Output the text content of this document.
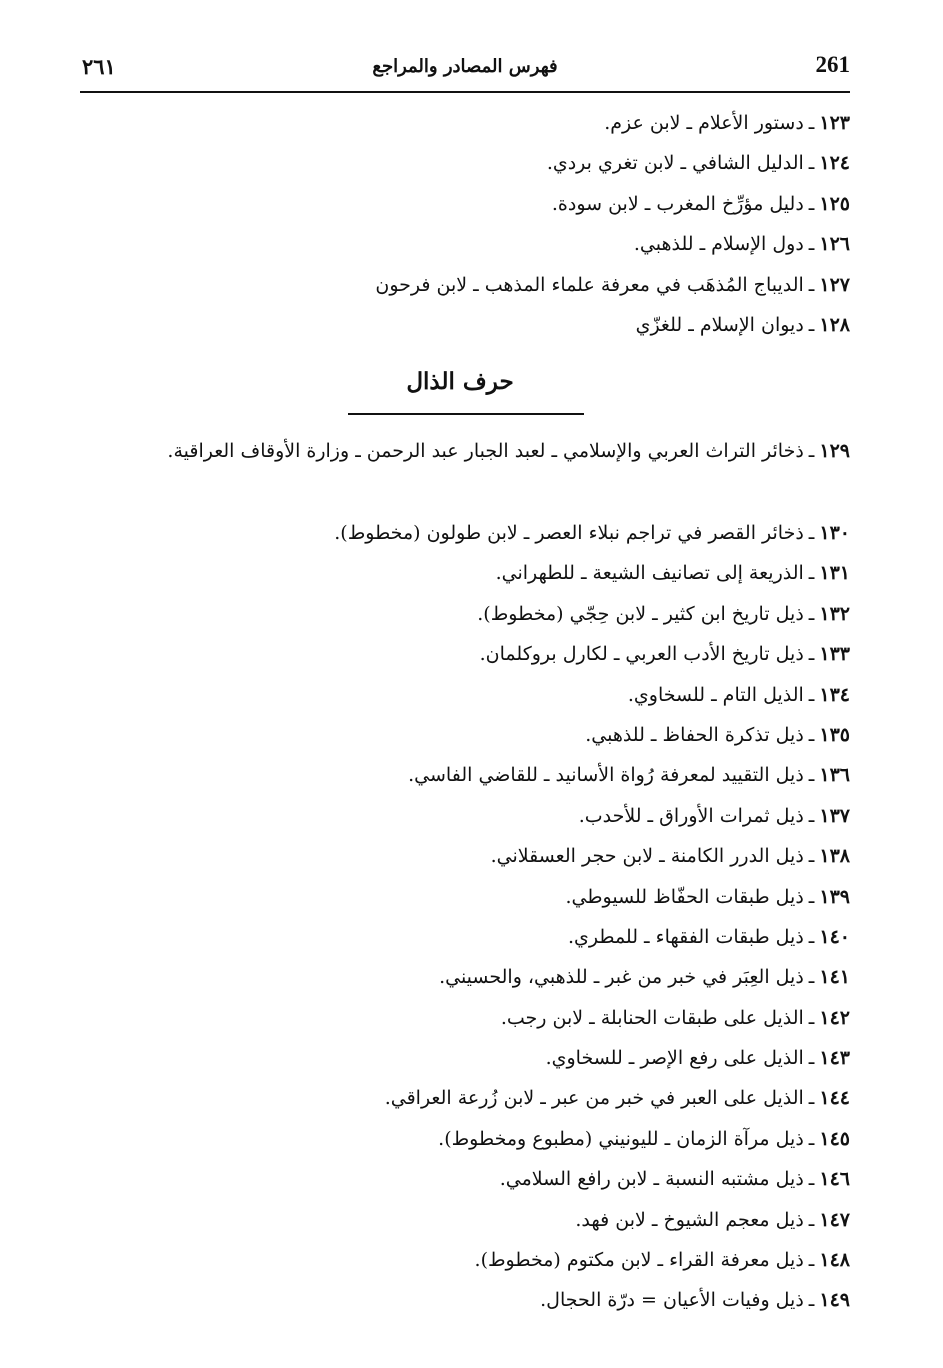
261
فهرس المصادر والمراجع
٢٦١
١٢٣
ـ
دستور الأعلام ـ لابن عزم.
١٢٤
ـ
الدليل الشافي ـ لابن تغري بردي.
١٢٥
ـ
دليل مؤرِّخ المغرب ـ لابن سودة.
١٢٦
ـ
دول الإسلام ـ للذهبي.
١٢٧
ـ
الديباج المُذهَب في معرفة علماء المذهب ـ لابن فرحون
١٢٨
ـ
ديوان الإسلام ـ للغزّي
حرف الذال
١٢٩
ـ
ذخائر التراث العربي والإسلامي ـ لعبد الجبار عبد الرحمن ـ وزارة الأوقاف العراقية.
١٣٠
ـ
ذخائر القصر في تراجم نبلاء العصر ـ لابن طولون (مخطوط).
١٣١
ـ
الذريعة إلى تصانيف الشيعة ـ للطهراني.
١٣٢
ـ
ذيل تاريخ ابن كثير ـ لابن حِجّي (مخطوط).
١٣٣
ـ
ذيل تاريخ الأدب العربي ـ لكارل بروكلمان.
١٣٤
ـ
الذيل التام ـ للسخاوي.
١٣٥
ـ
ذيل تذكرة الحفاظ ـ للذهبي.
١٣٦
ـ
ذيل التقييد لمعرفة رُواة الأسانيد ـ للقاضي الفاسي.
١٣٧
ـ
ذيل ثمرات الأوراق ـ للأحدب.
١٣٨
ـ
ذيل الدرر الكامنة ـ لابن حجر العسقلاني.
١٣٩
ـ
ذيل طبقات الحفّاظ للسيوطي.
١٤٠
ـ
ذيل طبقات الفقهاء ـ للمطري.
١٤١
ـ
ذيل العِبَر في خبر من غبر ـ للذهبي، والحسيني.
١٤٢
ـ
الذيل على طبقات الحنابلة ـ لابن رجب.
١٤٣
ـ
الذيل على رفع الإصر ـ للسخاوي.
١٤٤
ـ
الذيل على العبر في خبر من عبر ـ لابن زُرعة العراقي.
١٤٥
ـ
ذيل مرآة الزمان ـ لليونيني (مطبوع ومخطوط).
١٤٦
ـ
ذيل مشتبه النسبة ـ لابن رافع السلامي.
١٤٧
ـ
ذيل معجم الشيوخ ـ لابن فهد.
١٤٨
ـ
ذيل معرفة القراء ـ لابن مكتوم (مخطوط).
١٤٩
ـ
ذيل وفيات الأعيان = درّة الحجال.
